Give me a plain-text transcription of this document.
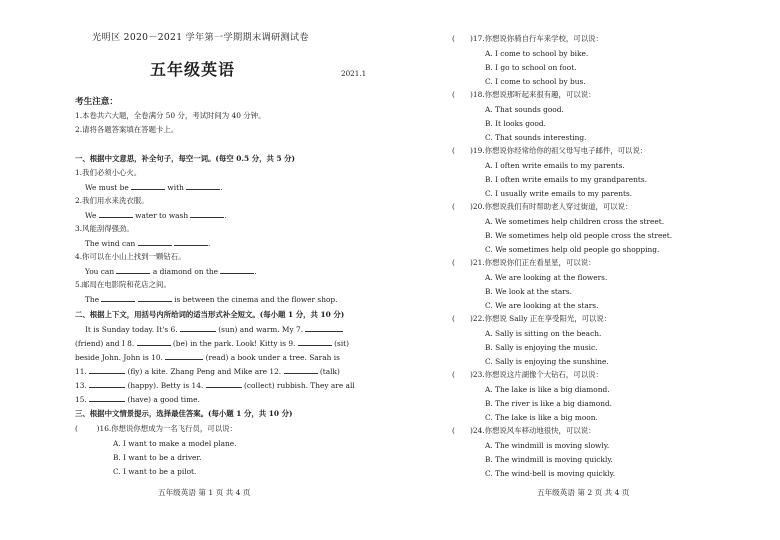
光明区 2020－2021 学年第一学期期末调研测试卷
五年级英语	2021.1
考生注意：
1.本卷共六大题，全卷满分 50 分，考试时间为 40 分钟。
2.请将各题答案填在答题卡上。
一、根据中文意思，补全句子，每空一词。(每空 0.5 分，共 5 分)
1.我们必须小心火。
We must be	with	.
2.我们用水来洗衣服。
We	water to wash	.
3.风能刮得强劲。
The wind can	.
4.你可以在小山上找到一颗钻石。
You can	a diamond on the	.
5.邮局在电影院和花店之间。
The	is between the cinema and the flower shop.
二、根据上下文，用括号内所给词的适当形式补全短文。(每小题 1 分，共 10 分)
It is Sunday today. It's 6.	(sun) and warm. My 7.
(friend) and I 8.	(be) in the park. Look! Kitty is 9.	(sit)
beside John. John is 10.	(read) a book under a tree. Sarah is
11.	(fly) a kite. Zhang Peng and Mike are 12.	(talk)
13.	(happy). Betty is 14.	(collect) rubbish. They are all
15.	(have) a good time.
三、根据中文情景提示，选择最佳答案。(每小题 1 分，共 10 分)
(	)16.你想说你想成为一名飞行员，可以说：
A. I want to make a model plane.
B. I want to be a driver.
C. I want to be a pilot.
五年级英语 第 1 页 共 4 页
( )17.你想说你骑自行车来学校，可以说：
A. I come to school by bike.
B. I go to school on foot.
C. I come to school by bus.
( )18.你想说那听起来很有趣，可以说：
A. That sounds good.
B. It looks good.
C. That sounds interesting.
( )19.你想说你经常给你的祖父母写电子邮件，可以说：
A. I often write emails to my parents.
B. I often write emails to my grandparents.
C. I usually write emails to my parents.
( )20.你想说我们有时帮助老人穿过街道，可以说：
A. We sometimes help children cross the street.
B. We sometimes help old people cross the street.
C. We sometimes help old people go shopping.
( )21.你想说你们正在看星星，可以说：
A. We are looking at the flowers.
B. We look at the stars.
C. We are looking at the stars.
( )22.你想说 Sally 正在享受阳光，可以说：
A. Sally is sitting on the beach.
B. Sally is enjoying the music.
C. Sally is enjoying the sunshine.
( )23.你想说这片湖像个大钻石，可以说：
A. The lake is like a big diamond.
B. The river is like a big diamond.
C. The lake is like a big moon.
( )24.你想说风车移动地很快，可以说：
A. The windmill is moving slowly.
B. The windmill is moving quickly.
C. The wind-bell is moving quickly.
五年级英语 第 2 页 共 4 页
